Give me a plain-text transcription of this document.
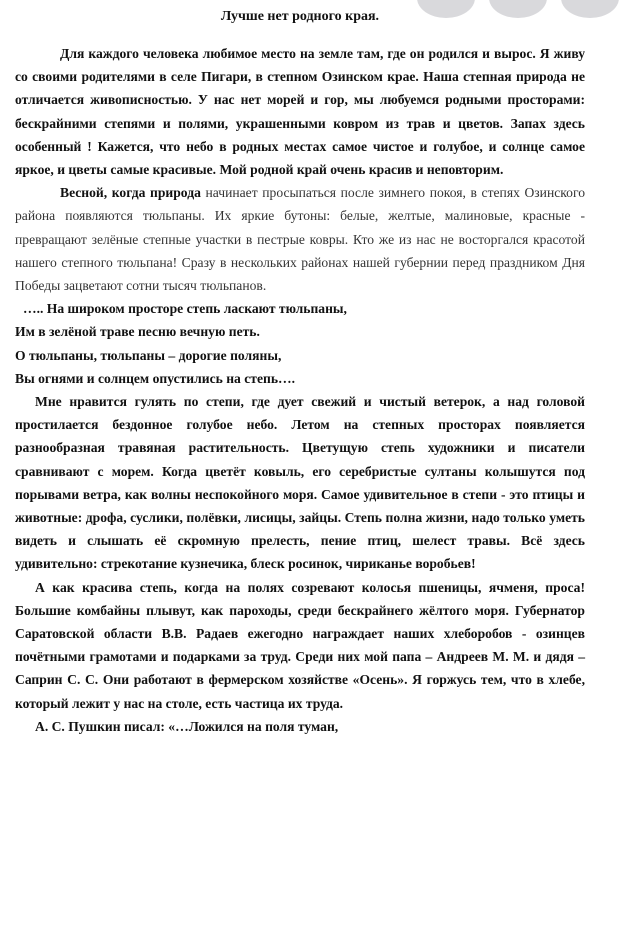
Лучше нет родного края.

Для каждого человека любимое место на земле там, где он родился и вырос. Я живу со своими родителями в селе Пигари, в степном Озинском крае. Наша степная природа не отличается живописностью. У нас нет морей и гор, мы любуемся родными просторами: бескрайними степями и полями, украшенными ковром из трав и цветов. Запах здесь особенный ! Кажется, что небо в родных местах самое чистое и голубое, и солнце самое яркое, и цветы самые красивые. Мой родной край очень красив и неповторим.

Весной, когда природа начинает просыпаться после зимнего покоя, в степях Озинского района появляются тюльпаны. Их яркие бутоны: белые, желтые, малиновые, красные - превращают зелёные степные участки в пестрые ковры. Кто же из нас не восторгался красотой нашего степного тюльпана! Сразу в нескольких районах нашей губернии перед праздником Дня Победы зацветают сотни тысяч тюльпанов.

….. На широком просторе степь ласкают тюльпаны,
Им в зелёной траве песню вечную петь.
О тюльпаны, тюльпаны – дорогие поляны,
Вы огнями и солнцем опустились на степь….

Мне нравится гулять по степи, где дует свежий и чистый ветерок, а над головой простилается бездонное голубое небо. Летом на степных просторах появляется разнообразная травяная растительность. Цветущую степь художники и писатели сравнивают с морем. Когда цветёт ковыль, его серебристые султаны колышутся под порывами ветра, как волны неспокойного моря. Самое удивительное в степи - это птицы и животные: дрофа, суслики, полёвки, лисицы, зайцы. Степь полна жизни, надо только уметь видеть и слышать её скромную прелесть, пение птиц, шелест травы. Всё здесь удивительно: стрекотание кузнечика, блеск росинок, чириканье воробьев!

А как красива степь, когда на полях созревают колосья пшеницы, ячменя, проса! Большие комбайны плывут, как пароходы, среди бескрайнего жёлтого моря. Губернатор Саратовской области В.В. Радаев ежегодно награждает наших хлеборобов - озинцев почётными грамотами и подарками за труд. Среди них мой папа – Андреев М. М. и дядя – Саприн С. С. Они работают в фермерском хозяйстве «Осень». Я горжусь тем, что в хлебе, который лежит у нас на столе, есть частица их труда.

А. С. Пушкин писал: «…Ложился на поля туман,
